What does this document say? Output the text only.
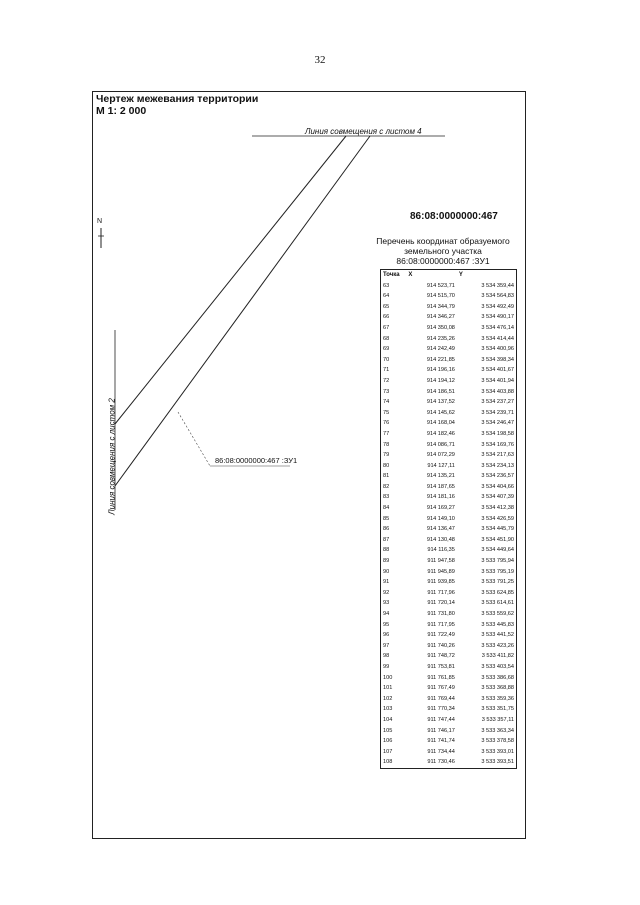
32
Чертеж межевания территории
М 1: 2 000
N
Линия совмещения с листом 4
Линия совмещения с листом 2	86:08:0000000:467 :ЗУ1
86:08:0000000:467
Перечень координат образуемого
земельного участка
86:08:0000000:467 :ЗУ1
Точка	X	Y
63	914 523,71	3 534 359,44
64	914 515,70	3 534 564,83
65	914 344,79	3 534 492,49
66	914 346,27	3 534 490,17
67	914 350,08	3 534 476,14
68	914 235,26	3 534 414,44
69	914 242,49	3 534 400,96
70	914 221,85	3 534 398,34
71	914 196,16	3 534 401,67
72	914 194,12	3 534 401,94
73	914 186,51	3 534 403,88
74	914 137,52	3 534 237,27
75	914 145,62	3 534 239,71
76	914 168,04	3 534 246,47
77	914 182,46	3 534 198,58
78	914 086,71	3 534 169,76
79	914 072,29	3 534 217,63
80	914 127,11	3 534 234,13
81	914 135,21	3 534 236,57
82	914 187,65	3 534 404,66
83	914 181,16	3 534 407,39
84	914 169,27	3 534 412,38
85	914 149,10	3 534 426,59
86	914 136,47	3 534 445,79
87	914 130,48	3 534 451,90
88	914 116,35	3 534 449,64
89	911 947,58	3 533 795,94
90	911 945,89	3 533 795,19
91	911 939,85	3 533 791,25
92	911 717,96	3 533 624,85
93	911 720,14	3 533 614,61
94	911 731,80	3 533 559,62
95	911 717,95	3 533 445,83
96	911 722,49	3 533 441,52
97	911 740,26	3 533 423,26
98	911 748,72	3 533 411,82
99	911 753,81	3 533 403,54
100	911 761,85	3 533 386,68
101	911 767,49	3 533 368,88
102	911 769,44	3 533 359,36
103	911 770,34	3 533 351,75
104	911 747,44	3 533 357,11
105	911 746,17	3 533 363,34
106	911 741,74	3 533 378,58
107	911 734,44	3 533 393,01
108	911 730,46	3 533 393,51
